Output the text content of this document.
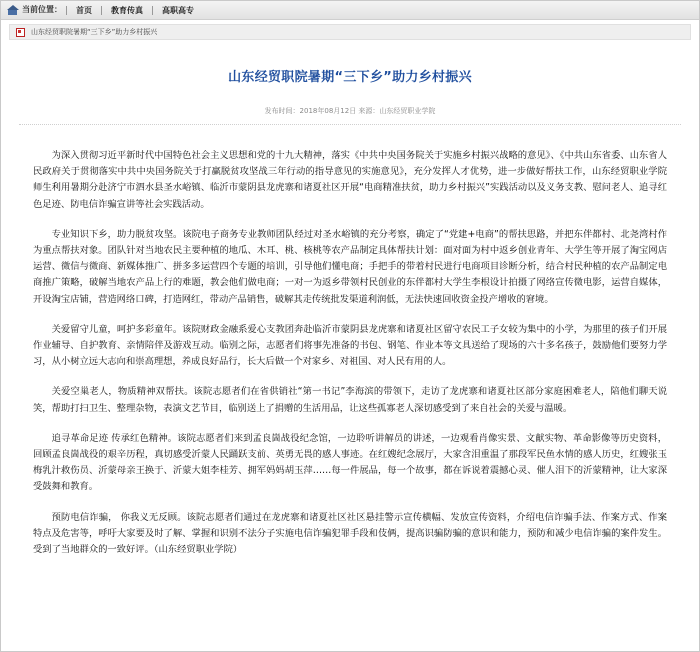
当前位置：	首页	教育传真	高职高专
山东经贸职院暑期“三下乡”助力乡村振兴
山东经贸职院暑期“三下乡”助力乡村振兴
发布时间：2018年08月12日 来源：山东经贸职业学院

为深入贯彻习近平新时代中国特色社会主义思想和党的十九大精神，落实《中共中央国务院关于实施乡村振兴战略的意见》、《中共山东省委、山东省人民政府关于贯彻落实中共中央国务院关于打赢脱贫攻坚战三年行动的指导意见的实施意见》，充分发挥人才优势，进一步做好帮扶工作，山东经贸职业学院师生利用暑期分赴济宁市泗水县圣水峪镇、临沂市蒙阴县龙虎寨和诸夏社区开展“电商精准扶贫，助力乡村振兴”实践活动以及义务支教、慰问老人、追寻红色足迹、防电信诈骗宣讲等社会实践活动。

专业知识下乡，助力脱贫攻坚。该院电子商务专业教师团队经过对圣水峪镇的充分考察，确定了“党建+电商”的帮扶思路，并把东伴都村、北尧湾村作为重点帮扶对象。团队针对当地农民主要种植的地瓜、木耳、桃、核桃等农产品制定具体帮扶计划：面对面为村中返乡创业青年、大学生等开展了淘宝网店运营、微信与微商、新媒体推广、拼多多运营四个专题的培训，引导他们懂电商；手把手的带着村民进行电商项目诊断分析，结合村民种植的农产品制定电商推广策略，破解当地农产品上行的难题，教会他们做电商；一对一为返乡带领村民创业的东伴都村大学生李根设计拍摄了网络宣传微电影，运营自媒体，开设淘宝店铺，营造网络口碑，打造网红，带动产品销售，破解其走传统批发渠道利润低，无法快速回收资金投产增收的窘境。

关爱留守儿童，呵护多彩童年。该院财政金融系爱心支教团奔赴临沂市蒙阴县龙虎寨和诸夏社区留守农民工子女较为集中的小学，为那里的孩子们开展作业辅导、自护教育、亲情陪伴及游戏互动。临别之际，志愿者们将事先准备的书包、钢笔、作业本等文具送给了现场的六十多名孩子，鼓励他们要努力学习，从小树立远大志向和崇高理想，养成良好品行，长大后做一个对家乡、对祖国、对人民有用的人。

关爱空巢老人，物质精神双帮扶。该院志愿者们在省供销社“第一书记”李海滨的带领下，走访了龙虎寨和诸夏社区部分家庭困难老人，陪他们聊天说笑，帮助打扫卫生、整理杂物，表演文艺节目，临别送上了捐赠的生活用品，让这些孤寡老人深切感受到了来自社会的关爱与温暖。

追寻革命足迹 传承红色精神。该院志愿者们来到孟良崮战役纪念馆，一边聆听讲解员的讲述，一边观看肖像实景、文献实物、革命影像等历史资料，回顾孟良崮战役的艰辛历程，真切感受沂蒙人民踊跃支前、英勇无畏的感人事迹。在红嫂纪念展厅，大家含泪重温了那段军民鱼水情的感人历史，红嫂张玉梅乳汁救伤员、沂蒙母亲王换于、沂蒙大姐李桂芳、拥军妈妈胡玉萍……每一件展品，每一个故事，都在诉说着震撼心灵、催人泪下的沂蒙精神，让大家深受鼓舞和教育。

预防电信诈骗， 你我义无反顾。该院志愿者们通过在龙虎寨和诸夏社区社区悬挂警示宣传横幅、发放宣传资料，介绍电信诈骗手法、作案方式、作案特点及危害等，呼吁大家要及时了解、掌握和识别不法分子实施电信诈骗犯罪手段和伎俩，提高识骗防骗的意识和能力，预防和减少电信诈骗的案件发生。受到了当地群众的一致好评。（山东经贸职业学院）
